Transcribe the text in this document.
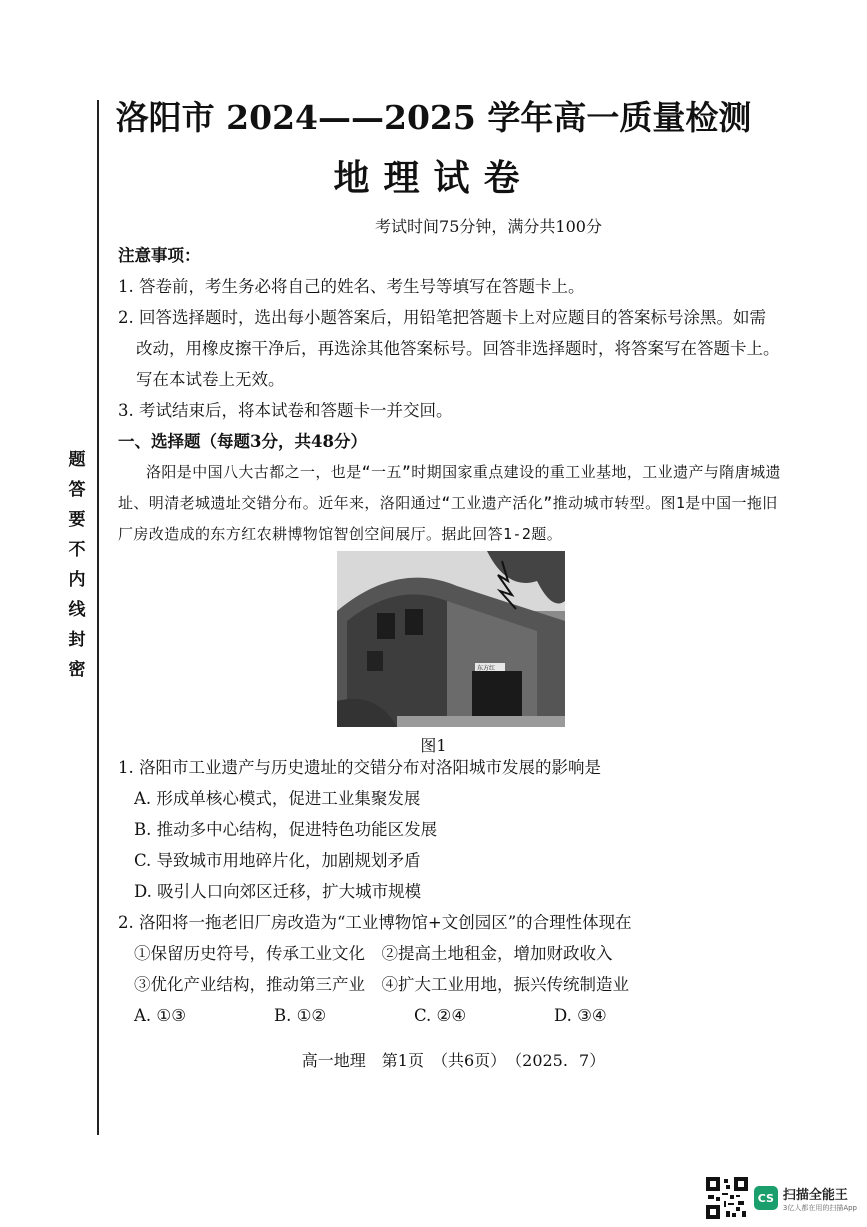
题
答
要
不
内
线
封
密
洛阳市 2024——2025 学年高一质量检测
地理试卷
考试时间75分钟，满分共100分
注意事项：
1. 答卷前，考生务必将自己的姓名、考生号等填写在答题卡上。
2. 回答选择题时，选出每小题答案后，用铅笔把答题卡上对应题目的答案标号涂黑。如需
改动，用橡皮擦干净后，再选涂其他答案标号。回答非选择题时，将答案写在答题卡上。
写在本试卷上无效。
3. 考试结束后，将本试卷和答题卡一并交回。
一、选择题（每题3分，共48分）
洛阳是中国八大古都之一，也是“一五”时期国家重点建设的重工业基地，工业遗产与隋唐城遗址、明清老城遗址交错分布。近年来，洛阳通过“工业遗产活化”推动城市转型。图1是中国一拖旧厂房改造成的东方红农耕博物馆智创空间展厅。据此回答1-2题。
东方红
图1
1. 洛阳市工业遗产与历史遗址的交错分布对洛阳城市发展的影响是
A. 形成单核心模式，促进工业集聚发展
B. 推动多中心结构，促进特色功能区发展
C. 导致城市用地碎片化，加剧规划矛盾
D. 吸引人口向郊区迁移，扩大城市规模
2. 洛阳将一拖老旧厂房改造为“工业博物馆+文创园区”的合理性体现在
①保留历史符号，传承工业文化　②提高土地租金，增加财政收入
③优化产业结构，推动第三产业　④扩大工业用地，振兴传统制造业
A. ①③	B. ①②	C. ②④	D. ③④
高一地理　第1页　（共6页）　（2025. 7）
CS 扫描全能王
3亿人都在用的扫描App
